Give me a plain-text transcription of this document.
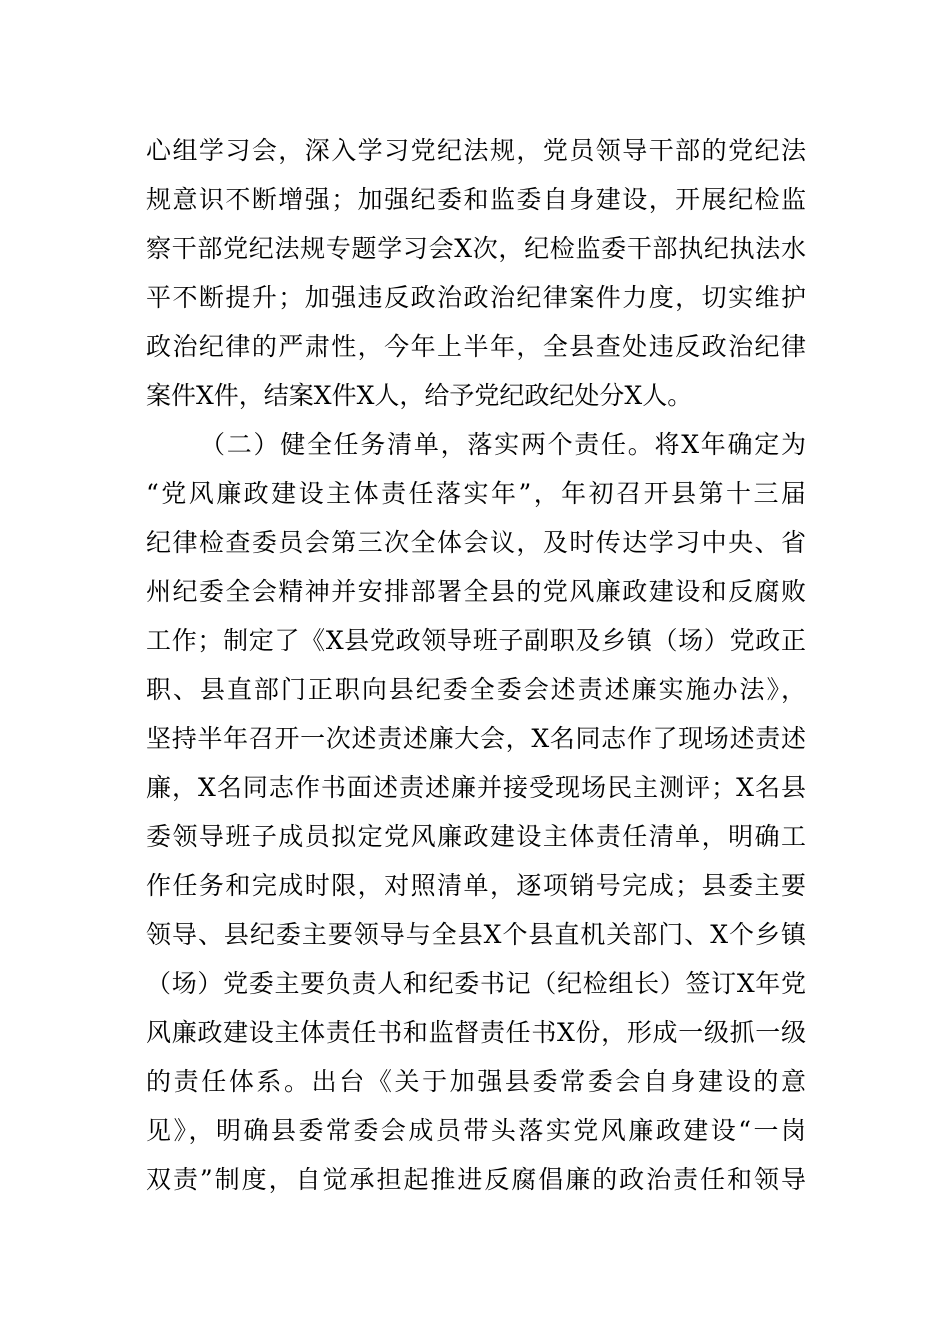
心组学习会，深入学习党纪法规，党员领导干部的党纪法
规意识不断增强；加强纪委和监委自身建设，开展纪检监
察干部党纪法规专题学习会X次，纪检监委干部执纪执法水
平不断提升；加强违反政治政治纪律案件力度，切实维护
政治纪律的严肃性，今年上半年，全县查处违反政治纪律
案件X件，结案X件X人，给予党纪政纪处分X人。
（二）健全任务清单，落实两个责任。将X年确定为
“党风廉政建设主体责任落实年”，年初召开县第十三届
纪律检查委员会第三次全体会议，及时传达学习中央、省
州纪委全会精神并安排部署全县的党风廉政建设和反腐败
工作；制定了《X县党政领导班子副职及乡镇（场）党政正
职、县直部门正职向县纪委全委会述责述廉实施办法》，
坚持半年召开一次述责述廉大会，X名同志作了现场述责述
廉，X名同志作书面述责述廉并接受现场民主测评；X名县
委领导班子成员拟定党风廉政建设主体责任清单，明确工
作任务和完成时限，对照清单，逐项销号完成；县委主要
领导、县纪委主要领导与全县X个县直机关部门、X个乡镇
（场）党委主要负责人和纪委书记（纪检组长）签订X年党
风廉政建设主体责任书和监督责任书X份，形成一级抓一级
的责任体系。出台《关于加强县委常委会自身建设的意
见》，明确县委常委会成员带头落实党风廉政建设“一岗
双责”制度，自觉承担起推进反腐倡廉的政治责任和领导
